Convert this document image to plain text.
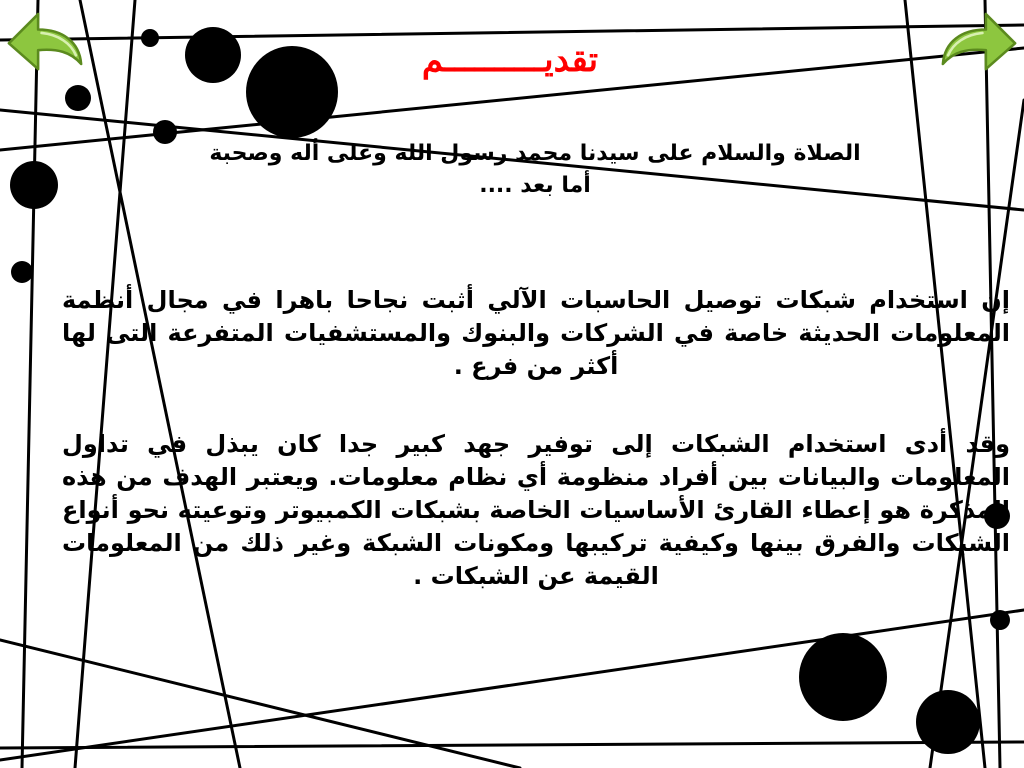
تقديــــــــــم
الصلاة والسلام على سيدنا محمد رسول الله وعلى أله وصحبة
أما بعد ....

إن استخدام شبكات توصيل الحاسبات الآلي أثبت نجاحا باهرا في مجال أنظمة المعلومات الحديثة خاصة في الشركات والبنوك والمستشفيات المتفرعة التى لها أكثر من فرع .

وقد أدى استخدام الشبكات إلى توفير جهد كبير جدا كان يبذل في تداول المعلومات والبيانات بين أفراد منظومة أي نظام معلومات. ويعتبر الهدف من هذه المذكرة هو إعطاء القارئ الأساسيات الخاصة بشبكات الكمبيوتر وتوعيته نحو أنواع الشبكات والفرق بينها وكيفية تركيبها ومكونات الشبكة وغير ذلك من المعلومات القيمة عن الشبكات .
